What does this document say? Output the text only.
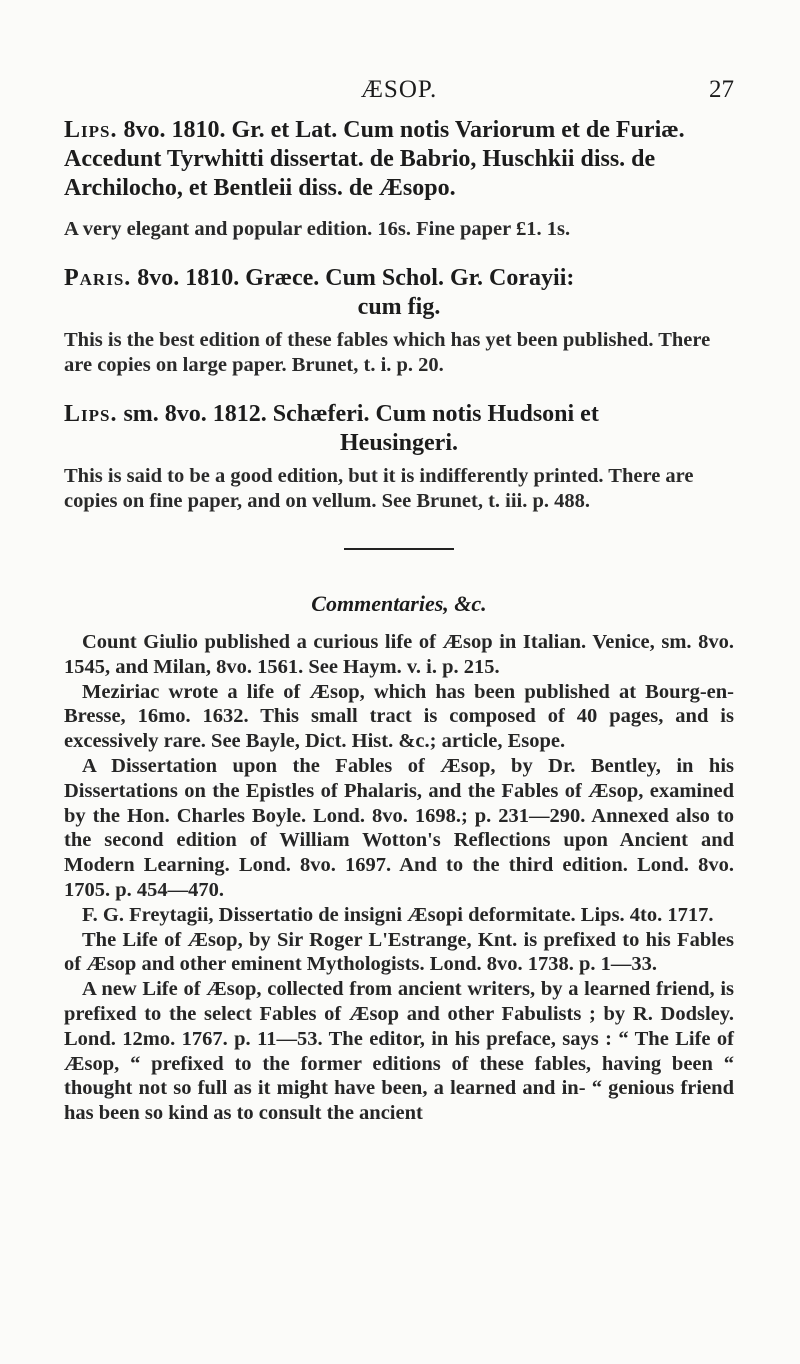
ÆSOP.	27

Lips. 8vo. 1810. Gr. et Lat. Cum notis Variorum et de Furiæ. Accedunt Tyrwhitti dissertat. de Babrio, Huschkii diss. de Archilocho, et Bentleii diss. de Æsopo.

A very elegant and popular edition. 16s. Fine paper £1. 1s.

Paris. 8vo. 1810. Græce. Cum Schol. Gr. Corayii:
cum fig.

This is the best edition of these fables which has yet been published. There are copies on large paper. Brunet, t. i. p. 20.

Lips. sm. 8vo. 1812. Schæferi. Cum notis Hudsoni et
Heusingeri.

This is said to be a good edition, but it is indifferently printed. There are copies on fine paper, and on vellum. See Brunet, t. iii. p. 488.

Commentaries, &c.

Count Giulio published a curious life of Æsop in Italian. Venice, sm. 8vo. 1545, and Milan, 8vo. 1561. See Haym. v. i. p. 215.

Meziriac wrote a life of Æsop, which has been published at Bourg-en-Bresse, 16mo. 1632. This small tract is composed of 40 pages, and is excessively rare. See Bayle, Dict. Hist. &c.; article, Esope.

A Dissertation upon the Fables of Æsop, by Dr. Bentley, in his Dissertations on the Epistles of Phalaris, and the Fables of Æsop, examined by the Hon. Charles Boyle. Lond. 8vo. 1698.; p. 231—290. Annexed also to the second edition of William Wotton's Reflections upon Ancient and Modern Learning. Lond. 8vo. 1697. And to the third edition. Lond. 8vo. 1705. p. 454—470.

F. G. Freytagii, Dissertatio de insigni Æsopi deformitate. Lips. 4to. 1717.

The Life of Æsop, by Sir Roger L'Estrange, Knt. is prefixed to his Fables of Æsop and other eminent Mythologists. Lond. 8vo. 1738. p. 1—33.

A new Life of Æsop, collected from ancient writers, by a learned friend, is prefixed to the select Fables of Æsop and other Fabulists ; by R. Dodsley. Lond. 12mo. 1767. p. 11—53. The editor, in his preface, says : “ The Life of Æsop, “ prefixed to the former editions of these fables, having been “ thought not so full as it might have been, a learned and in- “ genious friend has been so kind as to consult the ancient
